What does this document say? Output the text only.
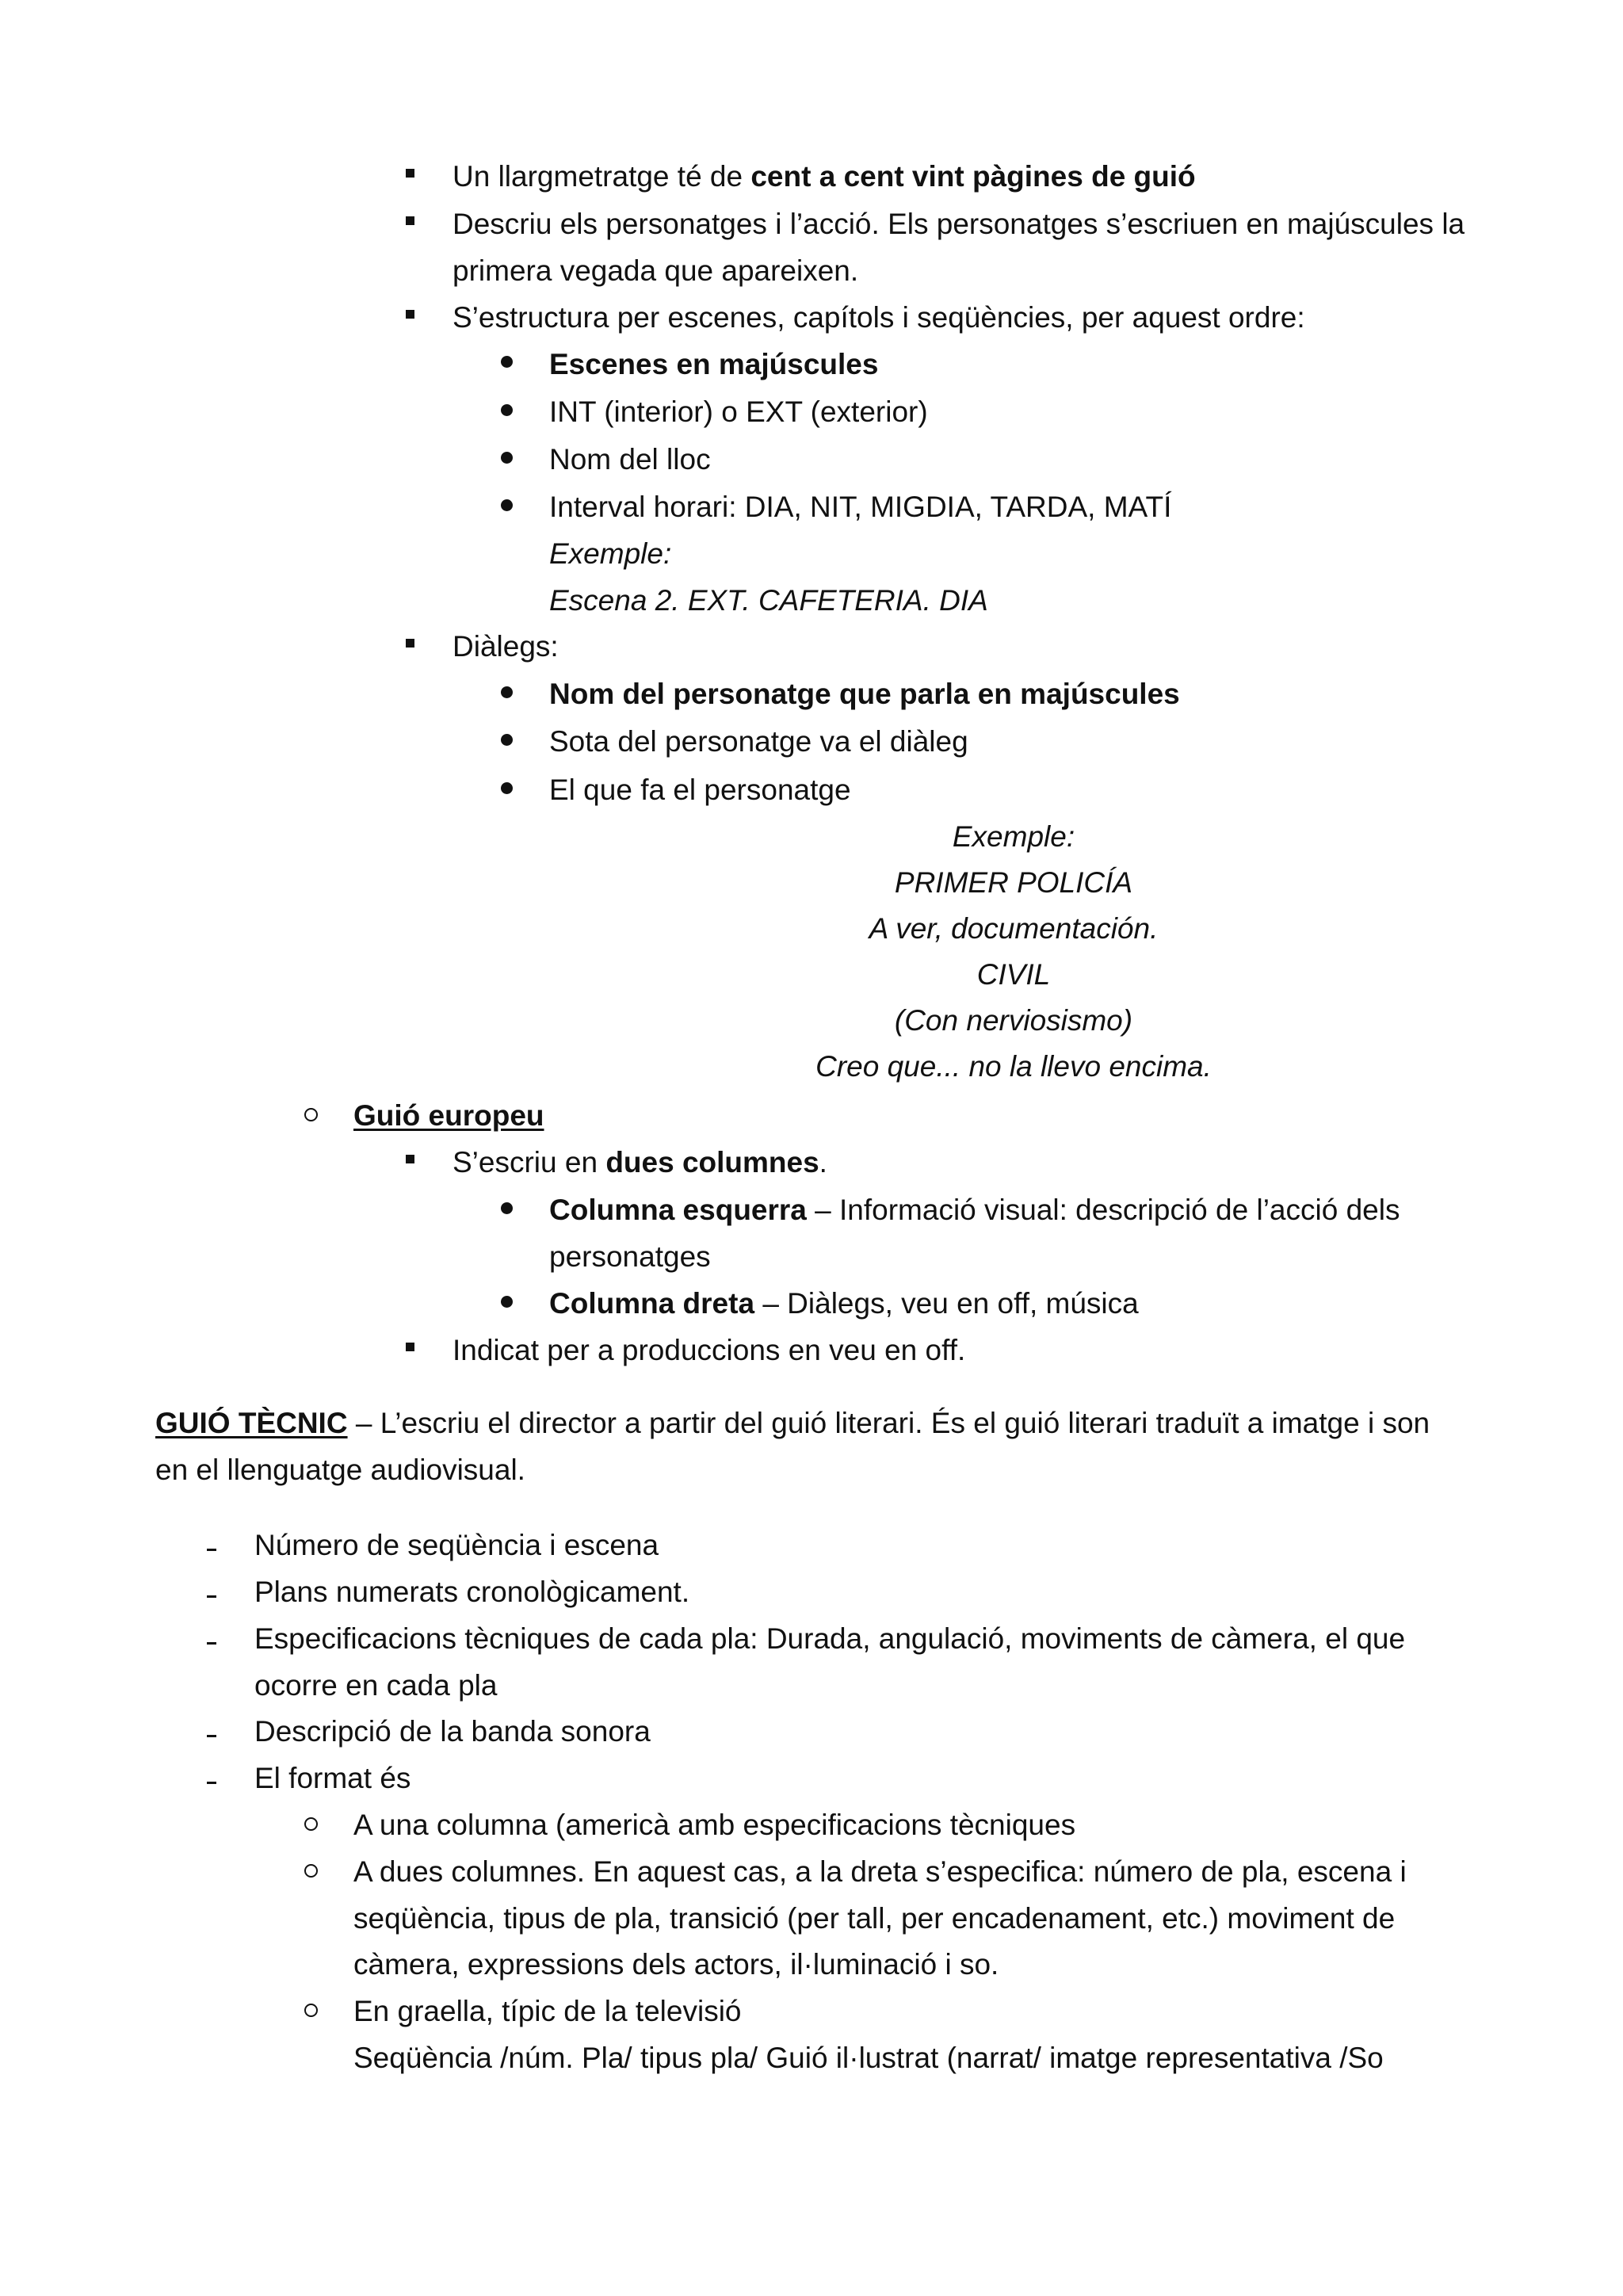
Un llargmetratge té de cent a cent vint pàgines de guió
Descriu els personatges i l’acció. Els personatges s’escriuen en majúscules la
primera vegada que apareixen.
S’estructura per escenes, capítols i seqüències, per aquest ordre:
Escenes en majúscules
INT (interior) o EXT (exterior)
Nom del lloc
Interval horari: DIA, NIT, MIGDIA, TARDA, MATÍ
Exemple:
Escena 2. EXT. CAFETERIA. DIA
Diàlegs:
Nom del personatge que parla en majúscules
Sota del personatge va el diàleg
El que fa el personatge
Exemple:
PRIMER POLICÍA
A ver, documentación.
CIVIL
(Con nerviosismo)
Creo que... no la llevo encima.
Guió europeu
S’escriu en dues columnes.
Columna esquerra – Informació visual: descripció de l’acció dels
personatges
Columna dreta – Diàlegs, veu en off, música
Indicat per a produccions en veu en off.
GUIÓ TÈCNIC – L’escriu el director a partir del guió literari. És el guió literari traduït a imatge i son
en el llenguatge audiovisual.
Número de seqüència i escena
Plans numerats cronològicament.
Especificacions tècniques de cada pla: Durada, angulació, moviments de càmera, el que
ocorre en cada pla
Descripció de la banda sonora
El format és
A una columna (americà amb especificacions tècniques
A dues columnes. En aquest cas, a la dreta s’especifica: número de pla, escena i
seqüència, tipus de pla, transició (per tall, per encadenament, etc.) moviment de
càmera, expressions dels actors, il·luminació i so.
En graella, típic de la televisió
Seqüència /núm. Pla/ tipus pla/ Guió il·lustrat (narrat/ imatge representativa /So
